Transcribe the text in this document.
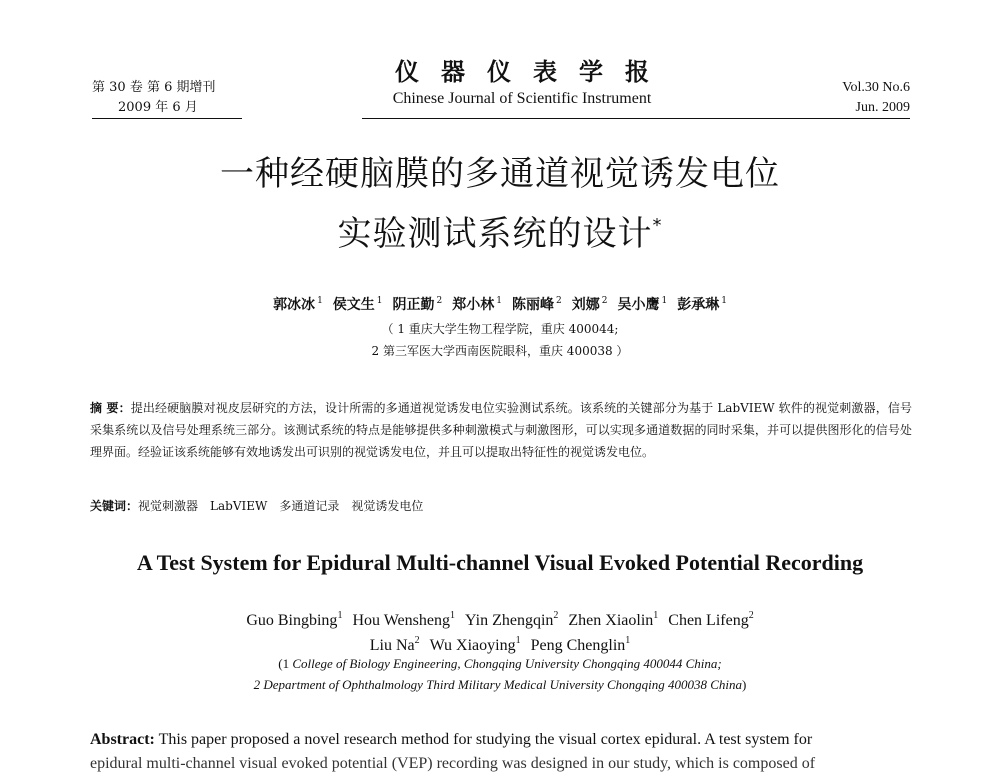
第 30 卷 第 6 期增刊
2009 年 6 月
仪器仪表学报
Chinese Journal of Scientific Instrument
Vol.30 No.6
Jun. 2009
一种经硬脑膜的多通道视觉诱发电位
实验测试系统的设计*
郭冰冰 $^1$ 侯文生 $^1$ 阴正勤 $^2$ 郑小林 $^1$ 陈丽峰 $^2$ 刘娜 $^2$ 吴小鹰 $^1$ 彭承琳 $^1$
（ 1 重庆大学生物工程学院，重庆 400044;
2 第三军医大学西南医院眼科，重庆 400038 ）
摘 要：提出经硬脑膜对视皮层研究的方法，设计所需的多通道视觉诱发电位实验测试系统。该系统的关键部分为基于 LabVIEW 软件的视觉刺激器，信号采集系统以及信号处理系统三部分。该测试系统的特点是能够提供多种刺激模式与刺激图形，可以实现多通道数据的同时采集，并可以提供图形化的信号处理界面。经验证该系统能够有效地诱发出可识别的视觉诱发电位，并且可以提取出特征性的视觉诱发电位。
关键词：视觉刺激器 LabVIEW 多通道记录 视觉诱发电位
A Test System for Epidural Multi-channel Visual Evoked Potential Recording
Guo Bingbing$^1$ Hou Wensheng$^1$ Yin Zhengqin$^2$ Zhen Xiaolin$^1$ Chen Lifeng$^2$
Liu Na$^2$ Wu Xiaoying$^1$ Peng Chenglin$^1$
(1 College of Biology Engineering, Chongqing University Chongqing 400044 China;
2 Department of Ophthalmology Third Military Medical University Chongqing 400038 China)
Abstract: This paper proposed a novel research method for studying the visual cortex epidural. A test system for
epidural multi-channel visual evoked potential (VEP) recording was designed in our study, which is composed of
